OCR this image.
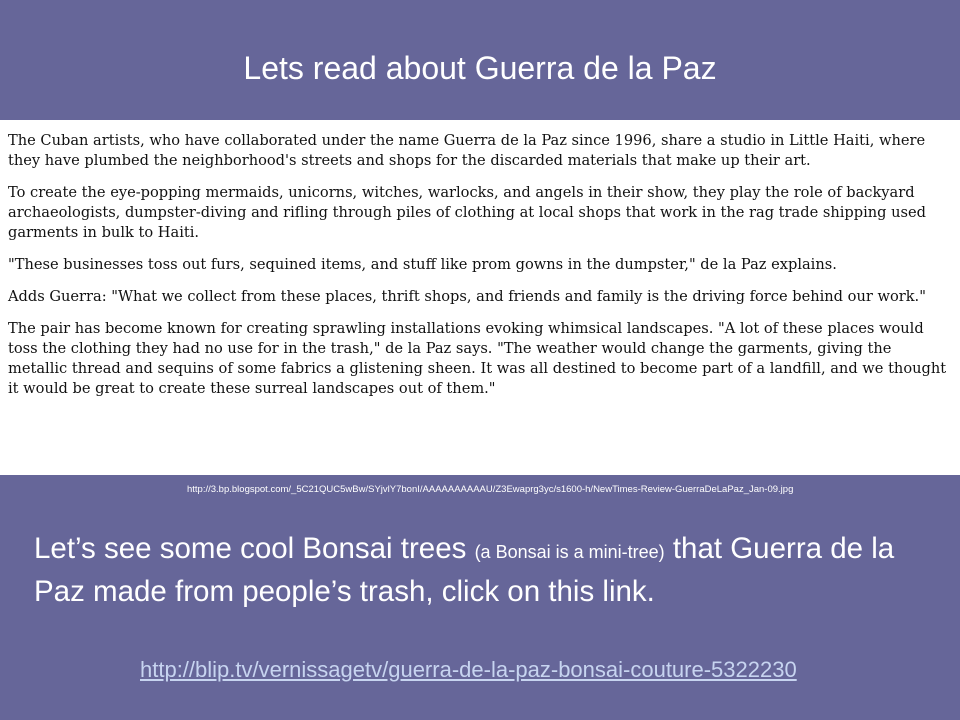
Lets read about Guerra de la Paz

The Cuban artists, who have collaborated under the name Guerra de la Paz since 1996, share a studio in Little Haiti, where they have plumbed the neighborhood's streets and shops for the discarded materials that make up their art.

To create the eye-popping mermaids, unicorns, witches, warlocks, and angels in their show, they play the role of backyard archaeologists, dumpster-diving and rifling through piles of clothing at local shops that work in the rag trade shipping used garments in bulk to Haiti.

"These businesses toss out furs, sequined items, and stuff like prom gowns in the dumpster," de la Paz explains.

Adds Guerra: "What we collect from these places, thrift shops, and friends and family is the driving force behind our work."

The pair has become known for creating sprawling installations evoking whimsical landscapes. "A lot of these places would toss the clothing they had no use for in the trash," de la Paz says. "The weather would change the garments, giving the metallic thread and sequins of some fabrics a glistening sheen. It was all destined to become part of a landfill, and we thought it would be great to create these surreal landscapes out of them."

http://3.bp.blogspot.com/_5C21QUC5wBw/SYjvlY7bonI/AAAAAAAAAAU/Z3Ewaprg3yc/s1600-h/NewTimes-Review-GuerraDeLaPaz_Jan-09.jpg
Let’s see some cool Bonsai trees (a Bonsai is a mini-tree) that Guerra de la Paz made from people’s trash, click on this link.
http://blip.tv/vernissagetv/guerra-de-la-paz-bonsai-couture-5322230
